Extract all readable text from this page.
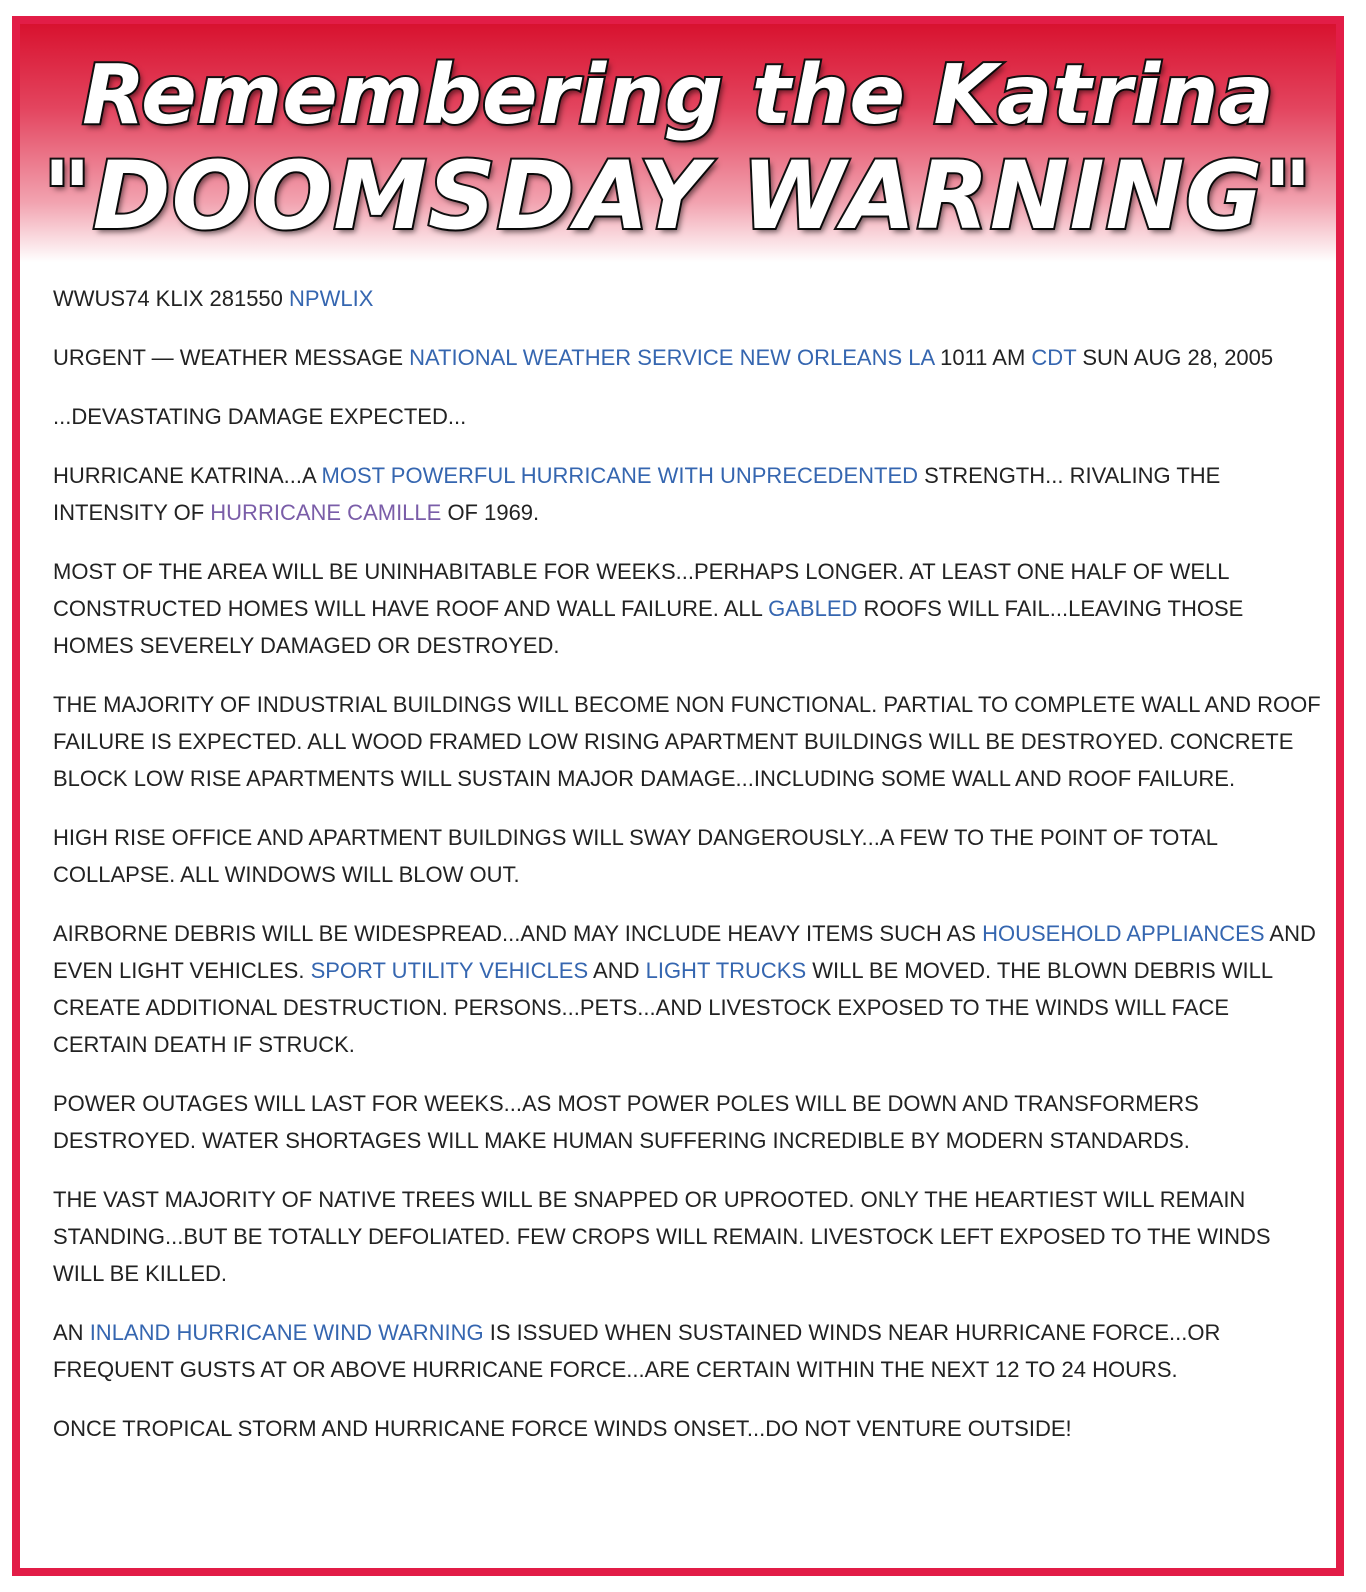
Remembering the Katrina
"DOOMSDAY WARNING"

WWUS74 KLIX 281550 NPWLIX

URGENT — WEATHER MESSAGE NATIONAL WEATHER SERVICE NEW ORLEANS LA 1011 AM CDT SUN AUG 28, 2005

...DEVASTATING DAMAGE EXPECTED...

HURRICANE KATRINA...A MOST POWERFUL HURRICANE WITH UNPRECEDENTED STRENGTH... RIVALING THE INTENSITY OF HURRICANE CAMILLE OF 1969.

MOST OF THE AREA WILL BE UNINHABITABLE FOR WEEKS...PERHAPS LONGER. AT LEAST ONE HALF OF WELL CONSTRUCTED HOMES WILL HAVE ROOF AND WALL FAILURE. ALL GABLED ROOFS WILL FAIL...LEAVING THOSE HOMES SEVERELY DAMAGED OR DESTROYED.

THE MAJORITY OF INDUSTRIAL BUILDINGS WILL BECOME NON FUNCTIONAL. PARTIAL TO COMPLETE WALL AND ROOF FAILURE IS EXPECTED. ALL WOOD FRAMED LOW RISING APARTMENT BUILDINGS WILL BE DESTROYED. CONCRETE BLOCK LOW RISE APARTMENTS WILL SUSTAIN MAJOR DAMAGE...INCLUDING SOME WALL AND ROOF FAILURE.

HIGH RISE OFFICE AND APARTMENT BUILDINGS WILL SWAY DANGEROUSLY...A FEW TO THE POINT OF TOTAL COLLAPSE. ALL WINDOWS WILL BLOW OUT.

AIRBORNE DEBRIS WILL BE WIDESPREAD...AND MAY INCLUDE HEAVY ITEMS SUCH AS HOUSEHOLD APPLIANCES AND EVEN LIGHT VEHICLES. SPORT UTILITY VEHICLES AND LIGHT TRUCKS WILL BE MOVED. THE BLOWN DEBRIS WILL CREATE ADDITIONAL DESTRUCTION. PERSONS...PETS...AND LIVESTOCK EXPOSED TO THE WINDS WILL FACE CERTAIN DEATH IF STRUCK.

POWER OUTAGES WILL LAST FOR WEEKS...AS MOST POWER POLES WILL BE DOWN AND TRANSFORMERS DESTROYED. WATER SHORTAGES WILL MAKE HUMAN SUFFERING INCREDIBLE BY MODERN STANDARDS.

THE VAST MAJORITY OF NATIVE TREES WILL BE SNAPPED OR UPROOTED. ONLY THE HEARTIEST WILL REMAIN STANDING...BUT BE TOTALLY DEFOLIATED. FEW CROPS WILL REMAIN. LIVESTOCK LEFT EXPOSED TO THE WINDS WILL BE KILLED.

AN INLAND HURRICANE WIND WARNING IS ISSUED WHEN SUSTAINED WINDS NEAR HURRICANE FORCE...OR FREQUENT GUSTS AT OR ABOVE HURRICANE FORCE...ARE CERTAIN WITHIN THE NEXT 12 TO 24 HOURS.

ONCE TROPICAL STORM AND HURRICANE FORCE WINDS ONSET...DO NOT VENTURE OUTSIDE!
